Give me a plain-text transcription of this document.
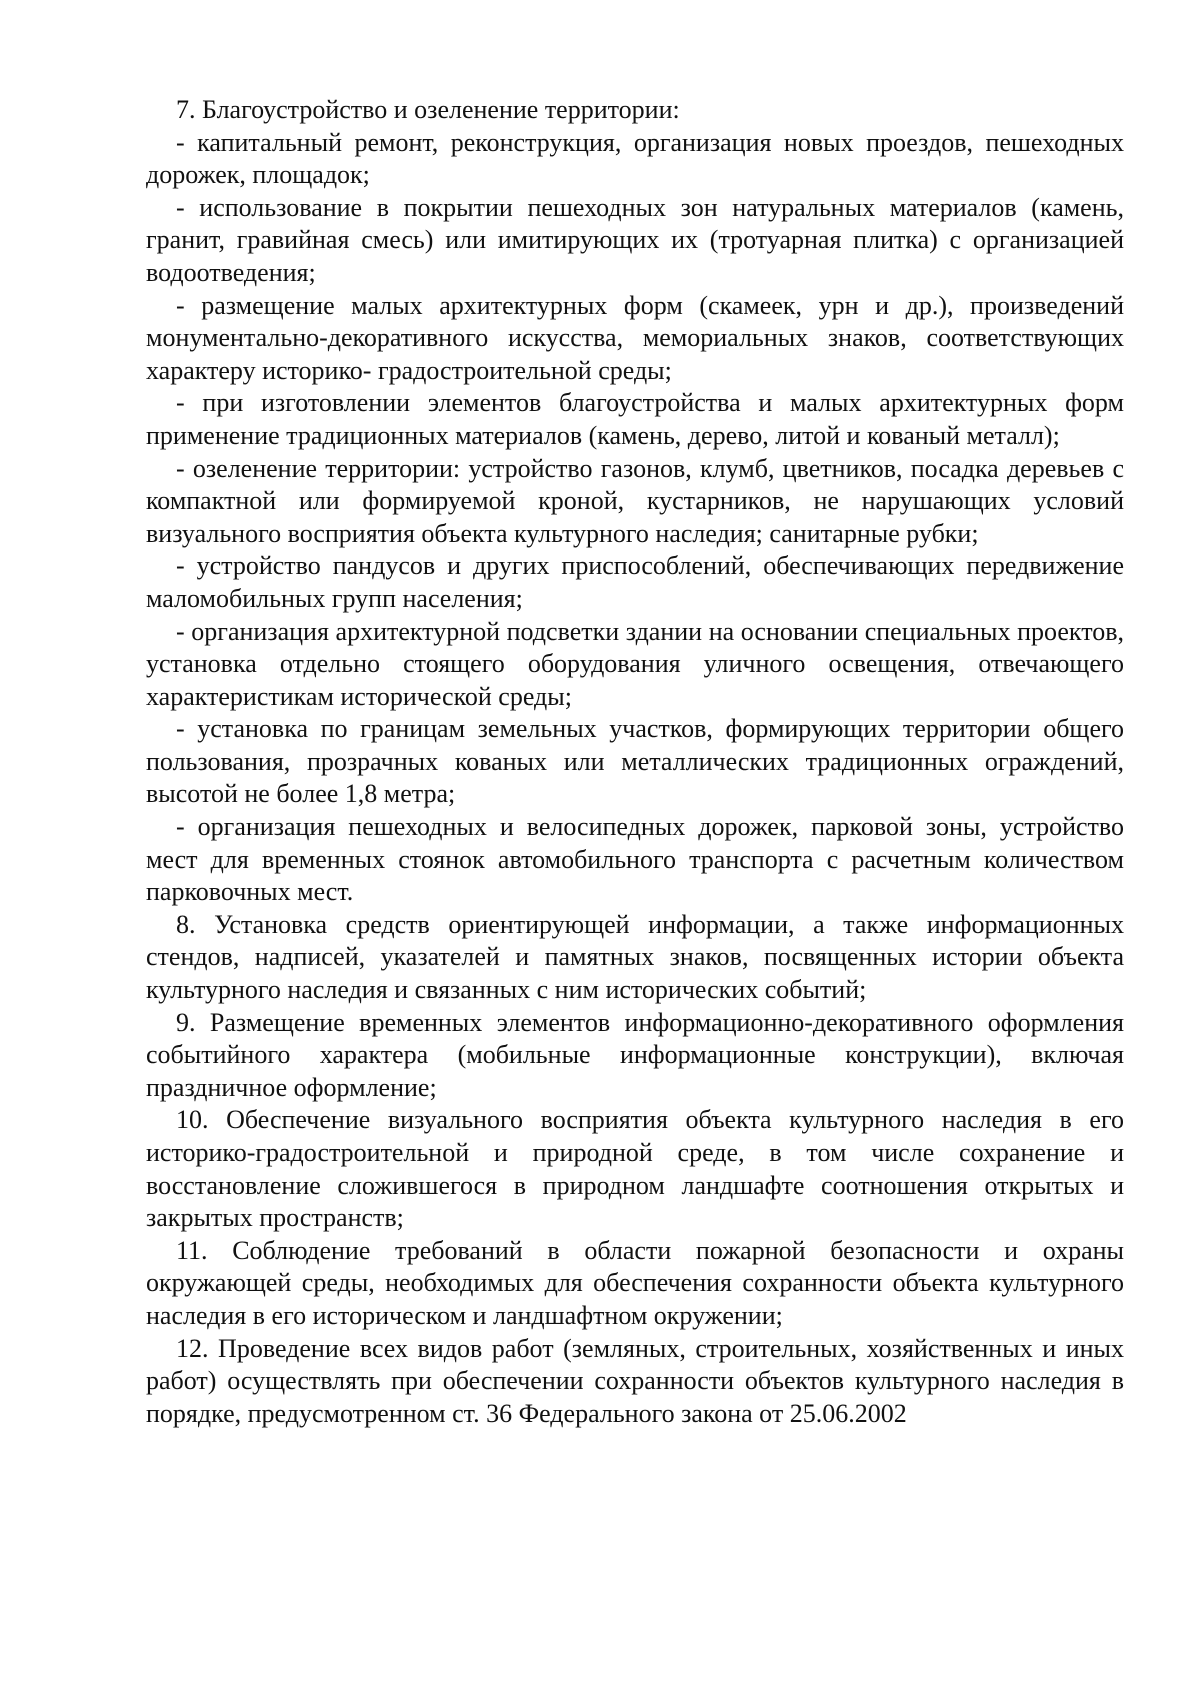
7. Благоустройство и озеленение территории:

- капитальный ремонт, реконструкция, организация новых проездов, пешеходных дорожек, площадок;

- использование в покрытии пешеходных зон натуральных материалов (камень, гранит, гравийная смесь) или имитирующих их (тротуарная плитка) с организацией водоотведения;

- размещение малых архитектурных форм (скамеек, урн и др.), произведений монументально-декоративного искусства, мемориальных знаков, соответствующих характеру историко- градостроительной среды;

- при изготовлении элементов благоустройства и малых архитектурных форм применение традиционных материалов (камень, дерево, литой и кованый металл);

- озеленение территории: устройство газонов, клумб, цветников, посадка деревьев с компактной или формируемой кроной, кустарников, не нарушающих условий визуального восприятия объекта культурного наследия; санитарные рубки;

- устройство пандусов и других приспособлений, обеспечивающих передвижение маломобильных групп населения;

- организация архитектурной подсветки здании на основании специальных проектов, установка отдельно стоящего оборудования уличного освещения, отвечающего характеристикам исторической среды;

- установка по границам земельных участков, формирующих территории общего пользования, прозрачных кованых или металлических традиционных ограждений, высотой не более 1,8 метра;

- организация пешеходных и велосипедных дорожек, парковой зоны, устройство мест для временных стоянок автомобильного транспорта с расчетным количеством парковочных мест.

8. Установка средств ориентирующей информации, а также информационных стендов, надписей, указателей и памятных знаков, посвященных истории объекта культурного наследия и связанных с ним исторических событий;

9. Размещение временных элементов информационно-декоративного оформления событийного характера (мобильные информационные конструкции), включая праздничное оформление;

10. Обеспечение визуального восприятия объекта культурного наследия в его историко-градостроительной и природной среде, в том числе сохранение и восстановление сложившегося в природном ландшафте соотношения открытых и закрытых пространств;

11. Соблюдение требований в области пожарной безопасности и охраны окружающей среды, необходимых для обеспечения сохранности объекта культурного наследия в его историческом и ландшафтном окружении;

12. Проведение всех видов работ (земляных, строительных, хозяйственных и иных работ) осуществлять при обеспечении сохранности объектов культурного наследия в порядке, предусмотренном ст. 36 Федерального закона от 25.06.2002
